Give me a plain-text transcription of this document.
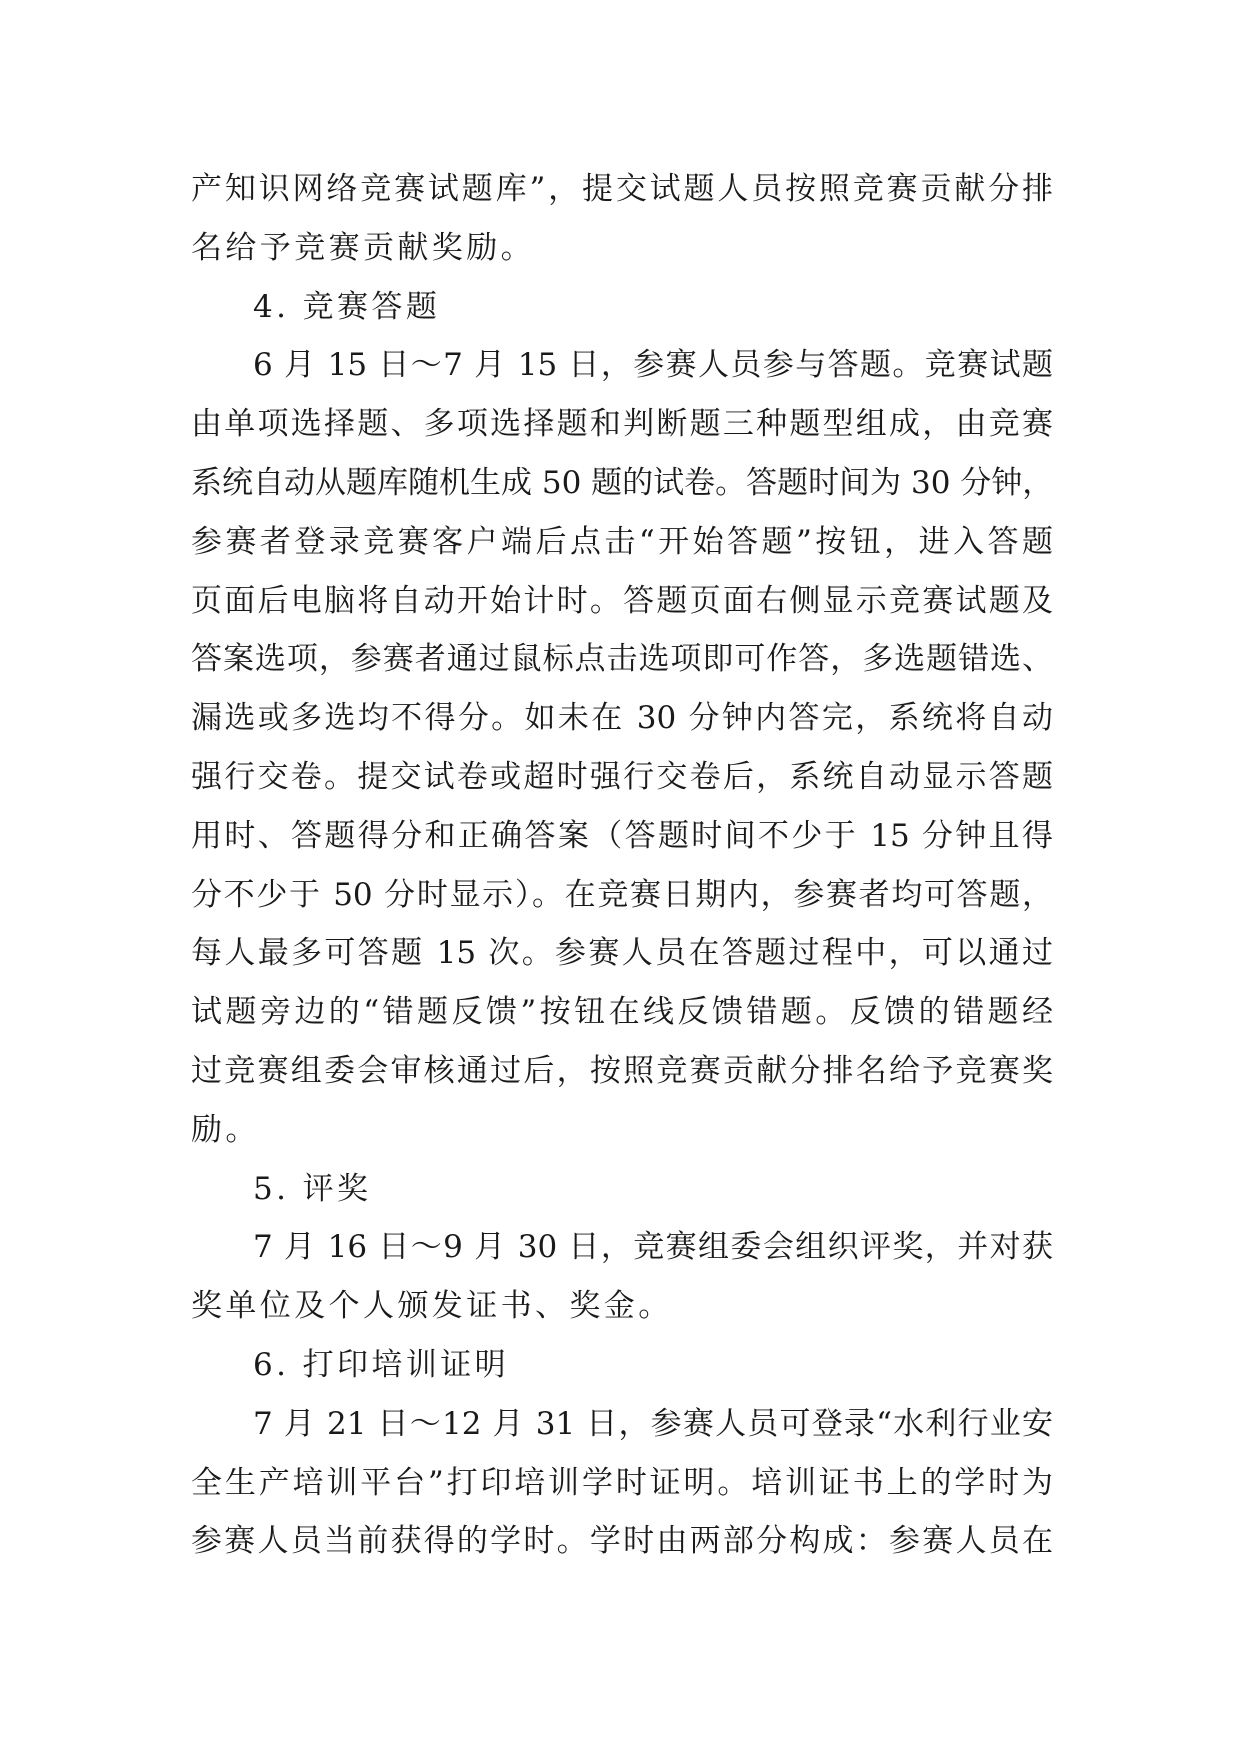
产知识网络竞赛试题库”，提交试题人员按照竞赛贡献分排
名给予竞赛贡献奖励。
4. 竞赛答题
6 月 15 日～7 月 15 日，参赛人员参与答题。竞赛试题
由单项选择题、多项选择题和判断题三种题型组成，由竞赛
系统自动从题库随机生成 50 题的试卷。答题时间为 30 分钟，
参赛者登录竞赛客户端后点击“开始答题”按钮，进入答题
页面后电脑将自动开始计时。答题页面右侧显示竞赛试题及
答案选项，参赛者通过鼠标点击选项即可作答，多选题错选、
漏选或多选均不得分。如未在 30 分钟内答完，系统将自动
强行交卷。提交试卷或超时强行交卷后，系统自动显示答题
用时、答题得分和正确答案（答题时间不少于 15 分钟且得
分不少于 50 分时显示）。在竞赛日期内，参赛者均可答题，
每人最多可答题 15 次。参赛人员在答题过程中，可以通过
试题旁边的“错题反馈”按钮在线反馈错题。反馈的错题经
过竞赛组委会审核通过后，按照竞赛贡献分排名给予竞赛奖
励。
5. 评奖
7 月 16 日～9 月 30 日，竞赛组委会组织评奖，并对获
奖单位及个人颁发证书、奖金。
6. 打印培训证明
7 月 21 日～12 月 31 日，参赛人员可登录“水利行业安
全生产培训平台”打印培训学时证明。培训证书上的学时为
参赛人员当前获得的学时。学时由两部分构成：参赛人员在
